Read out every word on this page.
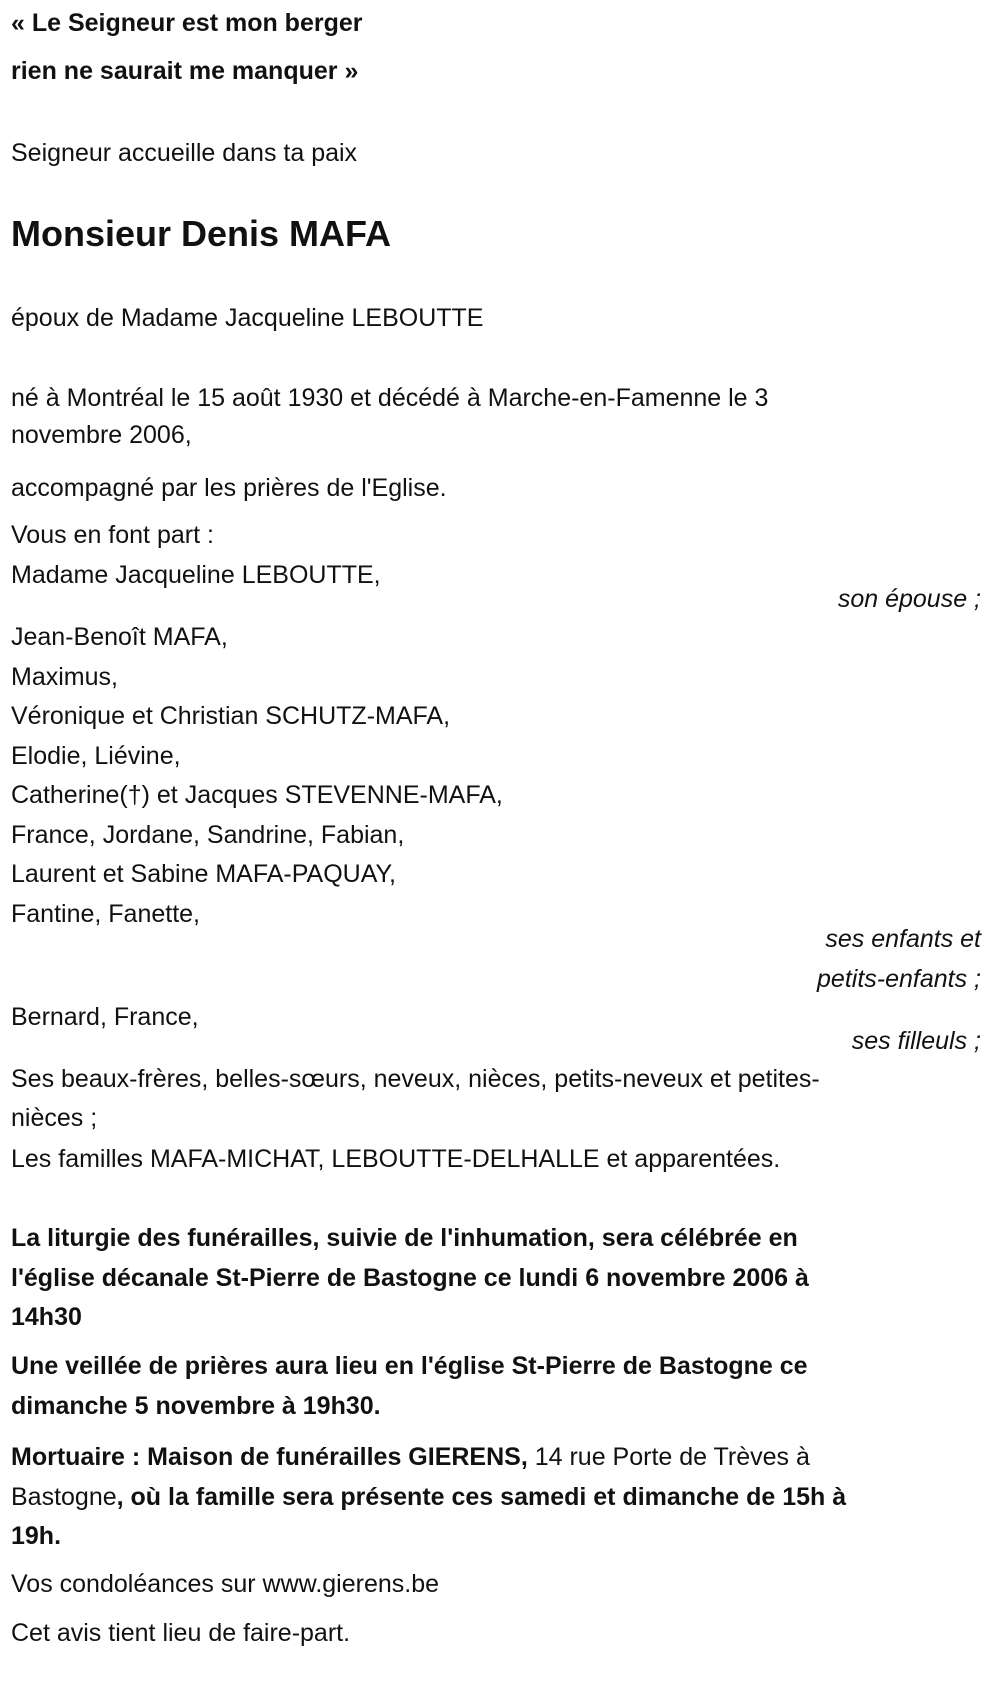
« Le Seigneur est mon berger
rien ne saurait me manquer »
Seigneur accueille dans ta paix
Monsieur Denis MAFA
époux de Madame Jacqueline LEBOUTTE
né à Montréal le 15 août 1930 et décédé à Marche-en-Famenne le 3
novembre 2006,
accompagné par les prières de l'Eglise.
Vous en font part :
Madame Jacqueline LEBOUTTE,
son épouse ;
Jean-Benoît MAFA,
Maximus,
Véronique et Christian SCHUTZ-MAFA,
Elodie, Liévine,
Catherine(†) et Jacques STEVENNE-MAFA,
France, Jordane, Sandrine, Fabian,
Laurent et Sabine MAFA-PAQUAY,
Fantine, Fanette,
ses enfants et
petits-enfants ;
Bernard, France,
ses filleuls ;
Ses beaux-frères, belles-sœurs, neveux, nièces, petits-neveux et petites-
nièces ;
Les familles MAFA-MICHAT, LEBOUTTE-DELHALLE et apparentées.
La liturgie des funérailles, suivie de l'inhumation, sera célébrée en
l'église décanale St-Pierre de Bastogne ce lundi 6 novembre 2006 à
14h30
Une veillée de prières aura lieu en l'église St-Pierre de Bastogne ce
dimanche 5 novembre à 19h30.
Mortuaire : Maison de funérailles GIERENS, 14 rue Porte de Trèves à
Bastogne, où la famille sera présente ces samedi et dimanche de 15h à
19h.
Vos condoléances sur www.gierens.be
Cet avis tient lieu de faire-part.
